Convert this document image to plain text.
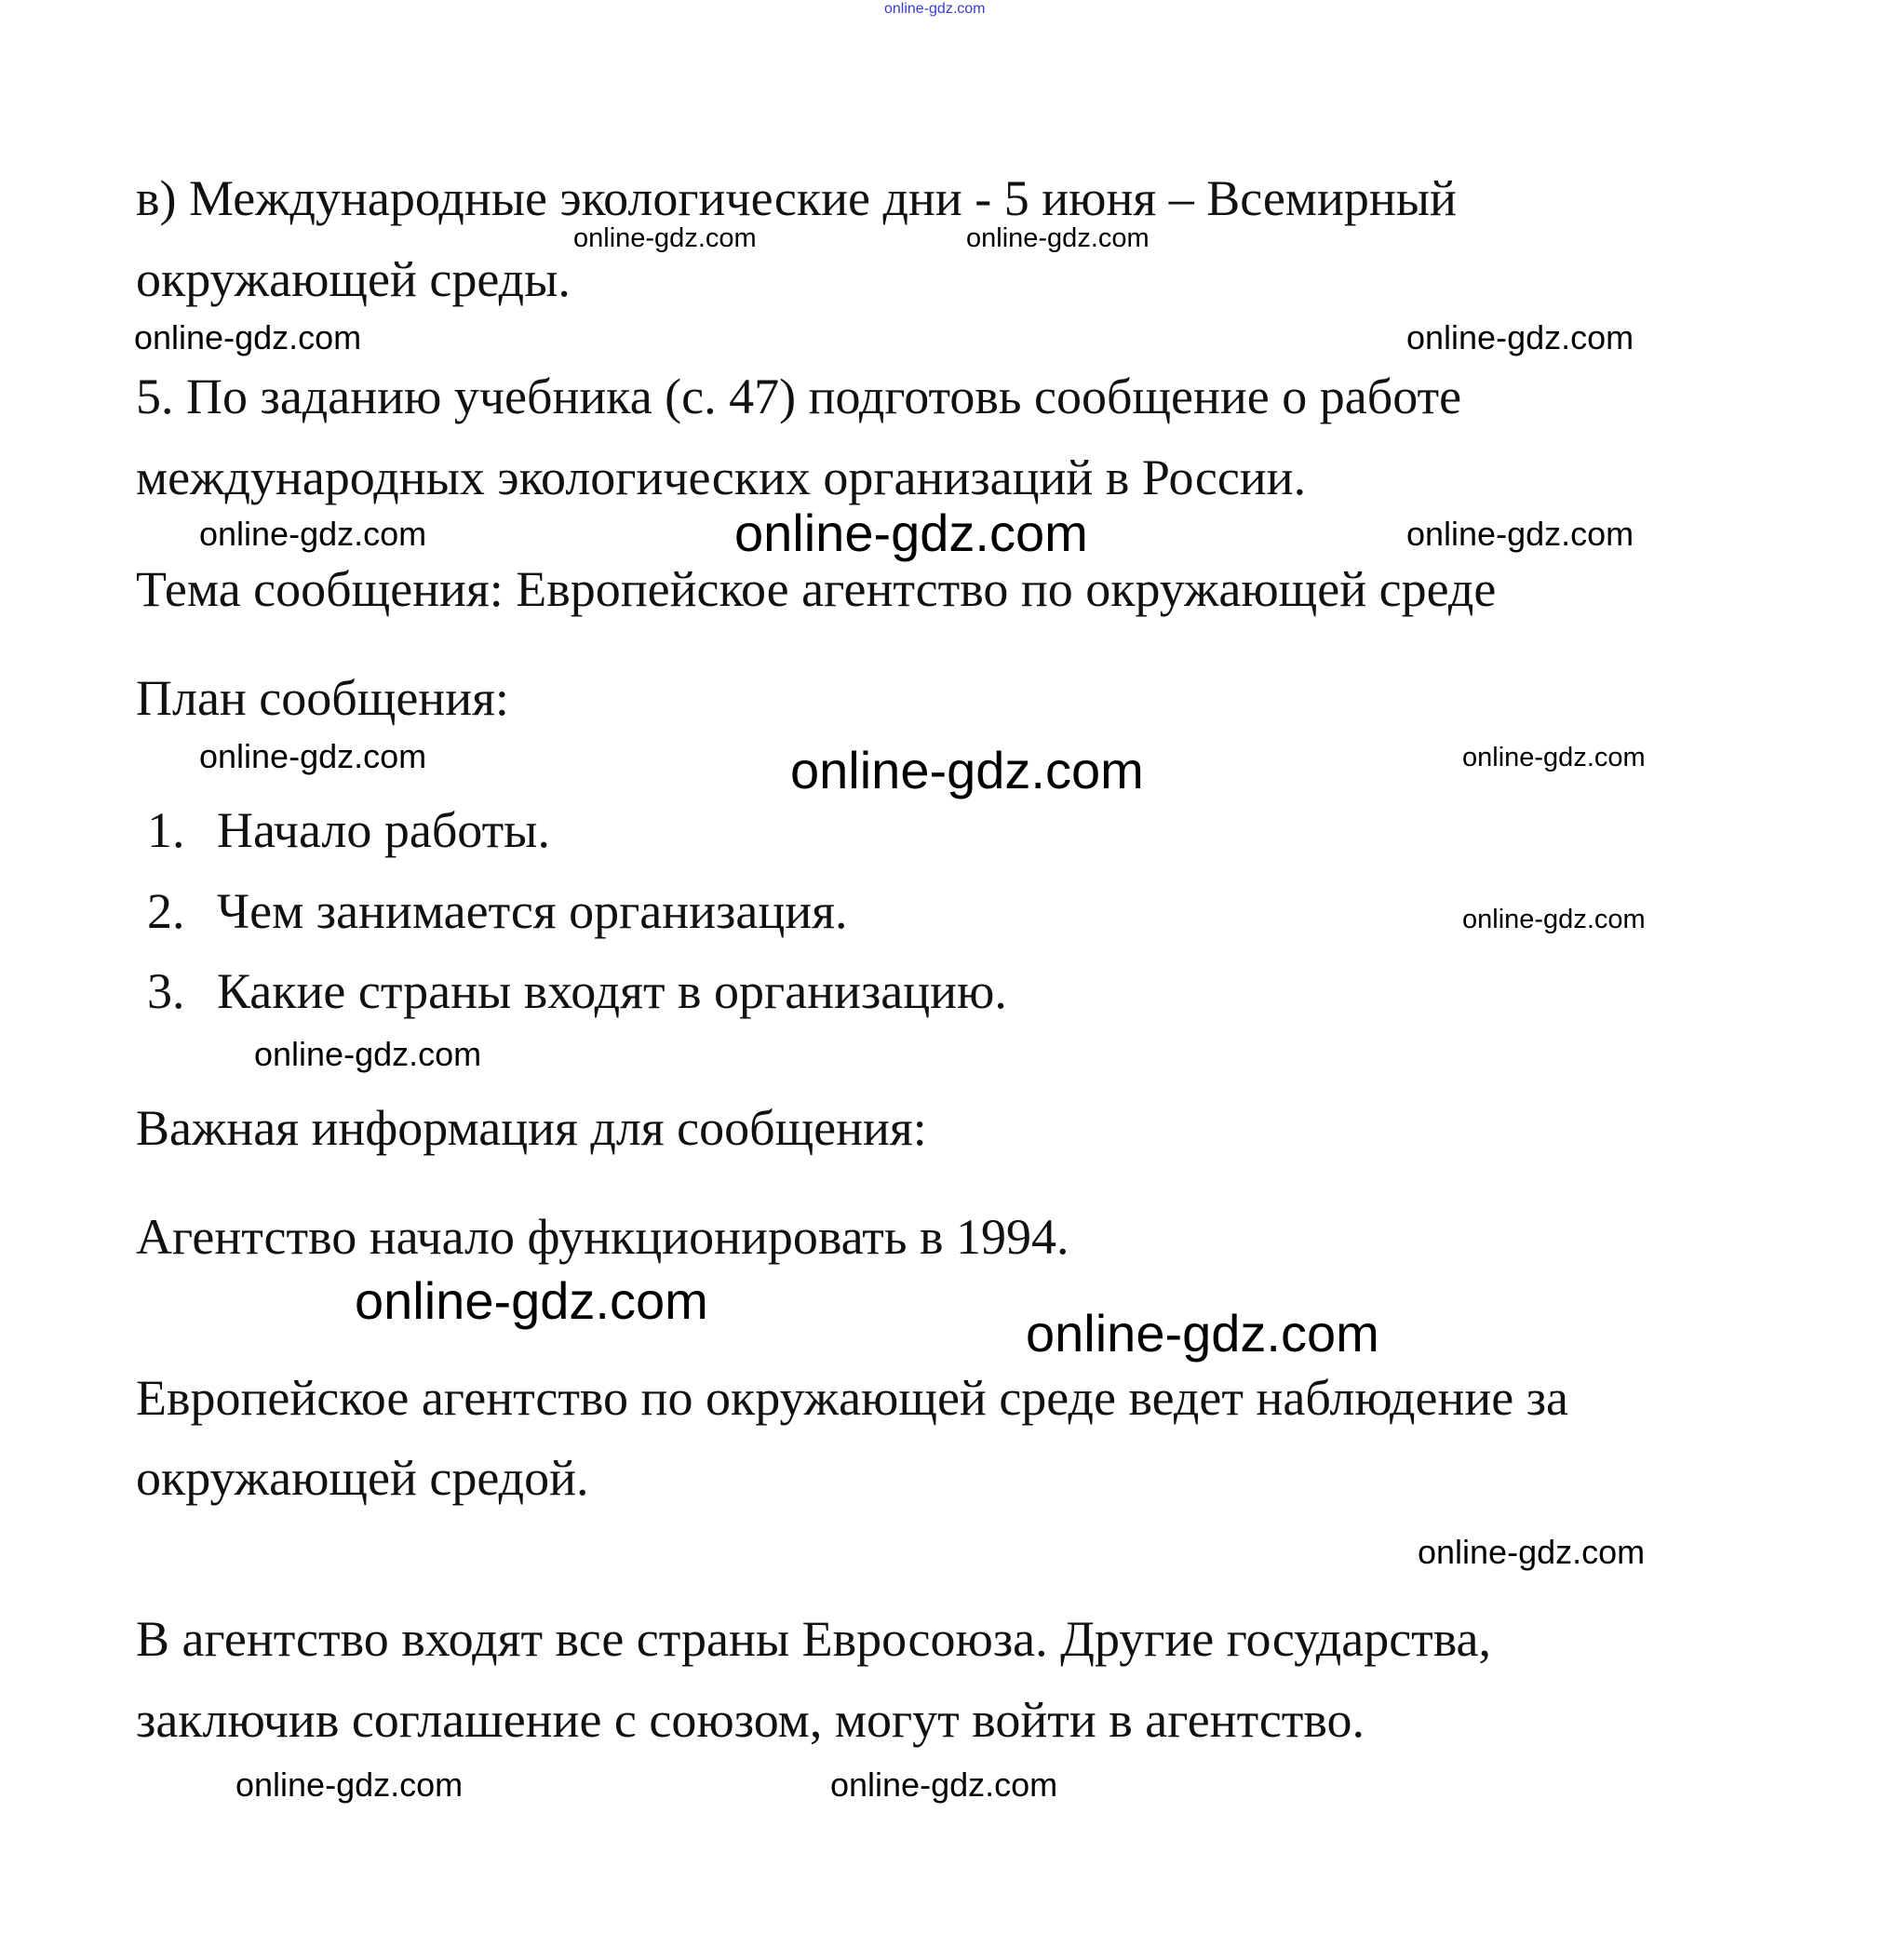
online-gdz.com
в) Международные экологические дни - 5 июня – Всемирный
окружающей среды.
5. По заданию учебника (с. 47) подготовь сообщение о работе
международных экологических организаций в России.
Тема сообщения: Европейское агентство по окружающей среде
План сообщения:
1. Начало работы.
2. Чем занимается организация.
3. Какие страны входят в организацию.
Важная информация для сообщения:
Агентство начало функционировать в 1994.
Европейское агентство по окружающей среде ведет наблюдение за
окружающей средой.
В агентство входят все страны Евросоюза. Другие государства,
заключив соглашение с союзом, могут войти в агентство.
online-gdz.com	online-gdz.com
online-gdz.com	online-gdz.com
online-gdz.com	online-gdz.com	online-gdz.com
online-gdz.com	online-gdz.com
online-gdz.com
online-gdz.com
online-gdz.com
online-gdz.com
online-gdz.com
online-gdz.com
online-gdz.com	online-gdz.com
